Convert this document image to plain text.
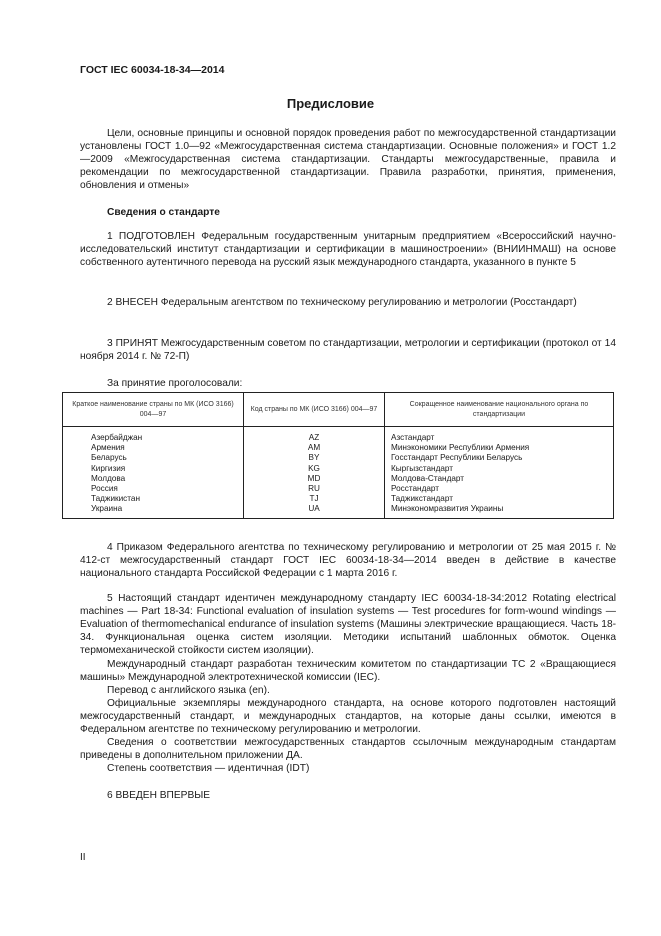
ГОСТ IEC 60034-18-34—2014
Предисловие

Цели, основные принципы и основной порядок проведения работ по межгосударственной стандартизации установлены ГОСТ 1.0—92 «Межгосударственная система стандартизации. Основные положения» и ГОСТ 1.2—2009 «Межгосударственная система стандартизации. Стандарты межгосударственные, правила и рекомендации по межгосударственной стандартизации. Правила разработки, принятия, применения, обновления и отмены»

Сведения о стандарте

1 ПОДГОТОВЛЕН Федеральным государственным унитарным предприятием «Всероссийский научно-исследовательский институт стандартизации и сертификации в машиностроении» (ВНИИНМАШ) на основе собственного аутентичного перевода на русский язык международного стандарта, указанного в пункте 5

2 ВНЕСЕН Федеральным агентством по техническому регулированию и метрологии (Росстандарт)

3 ПРИНЯТ Межгосударственным советом по стандартизации, метрологии и сертификации (протокол от 14 ноября 2014 г. № 72-П)

За принятие проголосовали:
Краткое наименование страны по МК (ИСО 3166) 004—97	Код страны по МК (ИСО 3166) 004—97	Сокращенное наименование национального органа по стандартизации
Азербайджан	AZ	Азстандарт
Армения	AM	Минэкономики Республики Армения
Беларусь	BY	Госстандарт Республики Беларусь
Киргизия	KG	Кыргызстандарт
Молдова	MD	Молдова-Стандарт
Россия	RU	Росстандарт
Таджикистан	TJ	Таджикстандарт
Украина	UA	Минэкономразвития Украины

4 Приказом Федерального агентства по техническому регулированию и метрологии от 25 мая 2015 г. № 412-ст межгосударственный стандарт ГОСТ IEC 60034-18-34—2014 введен в действие в качестве национального стандарта Российской Федерации с 1 марта 2016 г.

5 Настоящий стандарт идентичен международному стандарту IEC 60034-18-34:2012 Rotating electrical machines — Part 18-34: Functional evaluation of insulation systems — Test procedures for form-wound windings — Evaluation of thermomechanical endurance of insulation systems (Машины электрические вращающиеся. Часть 18-34. Функциональная оценка систем изоляции. Методики испытаний шаблонных обмоток. Оценка термомеханической стойкости систем изоляции).

Международный стандарт разработан техническим комитетом по стандартизации ТС 2 «Вращающиеся машины» Международной электротехнической комиссии (IEC).

Перевод с английского языка (en).

Официальные экземпляры международного стандарта, на основе которого подготовлен настоящий межгосударственный стандарт, и международных стандартов, на которые даны ссылки, имеются в Федеральном агентстве по техническому регулированию и метрологии.

Сведения о соответствии межгосударственных стандартов ссылочным международным стандартам приведены в дополнительном приложении ДА.

Степень соответствия — идентичная (IDT)

6 ВВЕДЕН ВПЕРВЫЕ

II
